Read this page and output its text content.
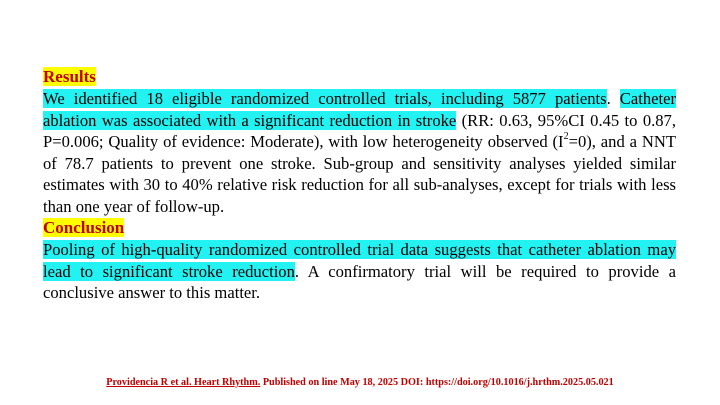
Results

We identified 18 eligible randomized controlled trials, including 5877 patients. Catheter ablation was associated with a significant reduction in stroke (RR: 0.63, 95%CI 0.45 to 0.87, P=0.006; Quality of evidence: Moderate), with low heterogeneity observed $(I^2=0)$, and a NNT of 78.7 patients to prevent one stroke. Sub-group and sensitivity analyses yielded similar estimates with 30 to 40% relative risk reduction for all sub-analyses, except for trials with less than one year of follow-up.

Conclusion

Pooling of high-quality randomized controlled trial data suggests that catheter ablation may lead to significant stroke reduction. A confirmatory trial will be required to provide a conclusive answer to this matter.

Providencia R et al. Heart Rhythm. Published on line May 18, 2025 DOI: https://doi.org/10.1016/j.hrthm.2025.05.021
